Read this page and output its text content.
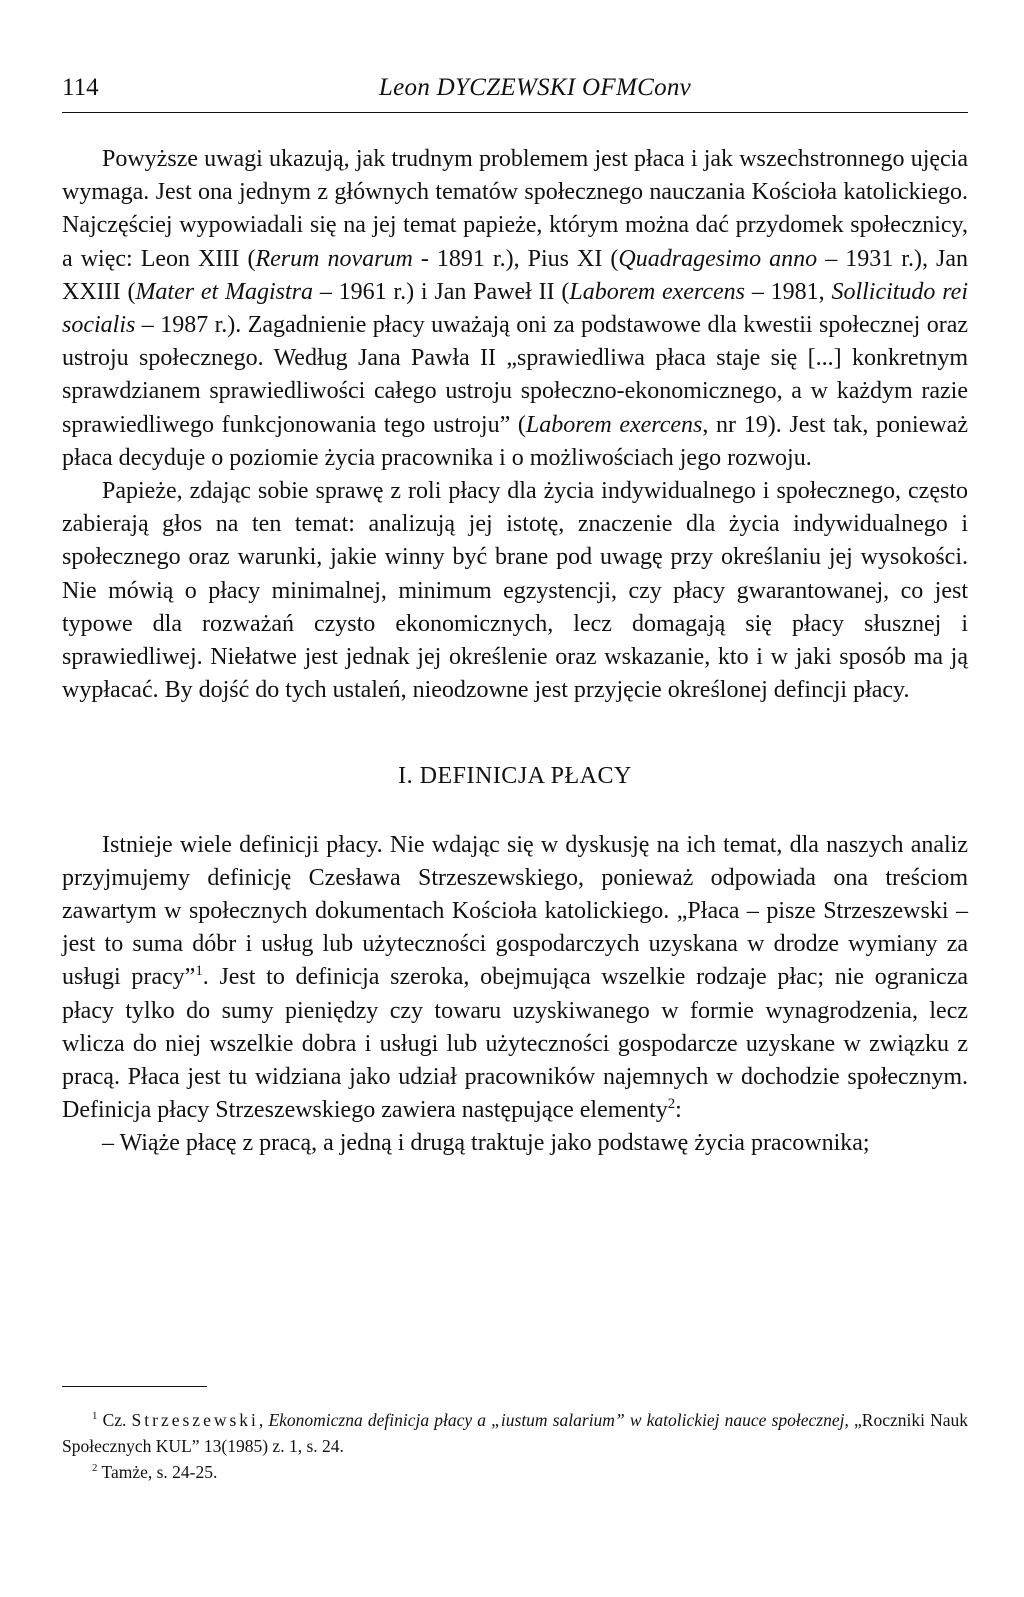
114	Leon DYCZEWSKI OFMConv

Powyższe uwagi ukazują, jak trudnym problemem jest płaca i jak wszechstronnego ujęcia wymaga. Jest ona jednym z głównych tematów społecznego nauczania Kościoła katolickiego. Najczęściej wypowiadali się na jej temat papieże, którym można dać przydomek społecznicy, a więc: Leon XIII (Rerum novarum - 1891 r.), Pius XI (Quadragesimo anno – 1931 r.), Jan XXIII (Mater et Magistra – 1961 r.) i Jan Paweł II (Laborem exercens – 1981, Sollicitudo rei socialis – 1987 r.). Zagadnienie płacy uważają oni za podstawowe dla kwestii społecznej oraz ustroju społecznego. Według Jana Pawła II „sprawiedliwa płaca staje się [...] konkretnym sprawdzianem sprawiedliwości całego ustroju społeczno-ekonomicznego, a w każdym razie sprawiedliwego funkcjonowania tego ustroju” (Laborem exercens, nr 19). Jest tak, ponieważ płaca decyduje o poziomie życia pracownika i o możliwościach jego rozwoju.

Papieże, zdając sobie sprawę z roli płacy dla życia indywidualnego i społecznego, często zabierają głos na ten temat: analizują jej istotę, znaczenie dla życia indywidualnego i społecznego oraz warunki, jakie winny być brane pod uwagę przy określaniu jej wysokości. Nie mówią o płacy minimalnej, minimum egzystencji, czy płacy gwarantowanej, co jest typowe dla rozważań czysto ekonomicznych, lecz domagają się płacy słusznej i sprawiedliwej. Niełatwe jest jednak jej określenie oraz wskazanie, kto i w jaki sposób ma ją wypłacać. By dojść do tych ustaleń, nieodzowne jest przyjęcie określonej defincji płacy.

I. DEFINICJA PŁACY

Istnieje wiele definicji płacy. Nie wdając się w dyskusję na ich temat, dla naszych analiz przyjmujemy definicję Czesława Strzeszewskiego, ponieważ odpowiada ona treściom zawartym w społecznych dokumentach Kościoła katolickiego. „Płaca – pisze Strzeszewski – jest to suma dóbr i usług lub użyteczności gospodarczych uzyskana w drodze wymiany za usługi pracy”$^1$. Jest to definicja szeroka, obejmująca wszelkie rodzaje płac; nie ogranicza płacy tylko do sumy pieniędzy czy towaru uzyskiwanego w formie wynagrodzenia, lecz wlicza do niej wszelkie dobra i usługi lub użyteczności gospodarcze uzyskane w związku z pracą. Płaca jest tu widziana jako udział pracowników najemnych w dochodzie społecznym. Definicja płacy Strzeszewskiego zawiera następujące elementy$^2$:

– Wiąże płacę z pracą, a jedną i drugą traktuje jako podstawę życia pracownika;

$^1$ Cz. Strzeszewski, Ekonomiczna definicja płacy a „iustum salarium” w katolickiej nauce społecznej, „Roczniki Nauk Społecznych KUL” 13(1985) z. 1, s. 24.

$^2$ Tamże, s. 24-25.
